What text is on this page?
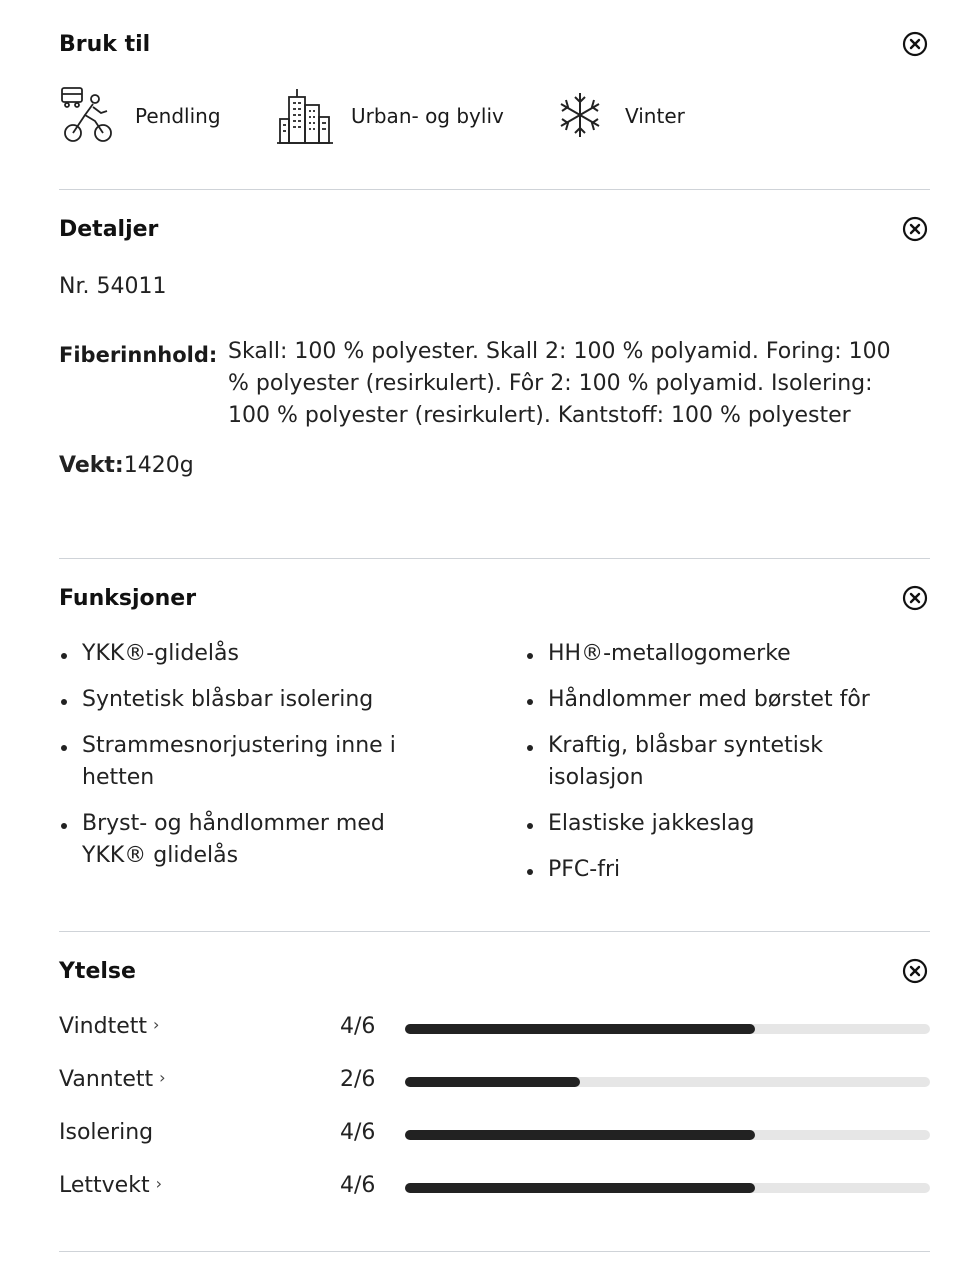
Bruk til
Pendling	Urban- og byliv	Vinter
Detaljer
Nr. 54011
Fiberinnhold: Skall: 100 % polyester. Skall 2: 100 % polyamid. Foring: 100 % polyester (resirkulert). Fôr 2: 100 % polyamid. Isolering: 100 % polyester (resirkulert). Kantstoff: 100 % polyester
Vekt:1420g
Funksjoner
YKK®-glidelås
Syntetisk blåsbar isolering
Strammesnorjustering inne i hetten
Bryst- og håndlommer med YKK® glidelås
HH®-metallogomerke
Håndlommer med børstet fôr
Kraftig, blåsbar syntetisk isolasjon
Elastiske jakkeslag
PFC-fri
Ytelse
Vindtett ›	4/6
Vanntett ›	2/6
Isolering	4/6
Lettvekt ›	4/6
